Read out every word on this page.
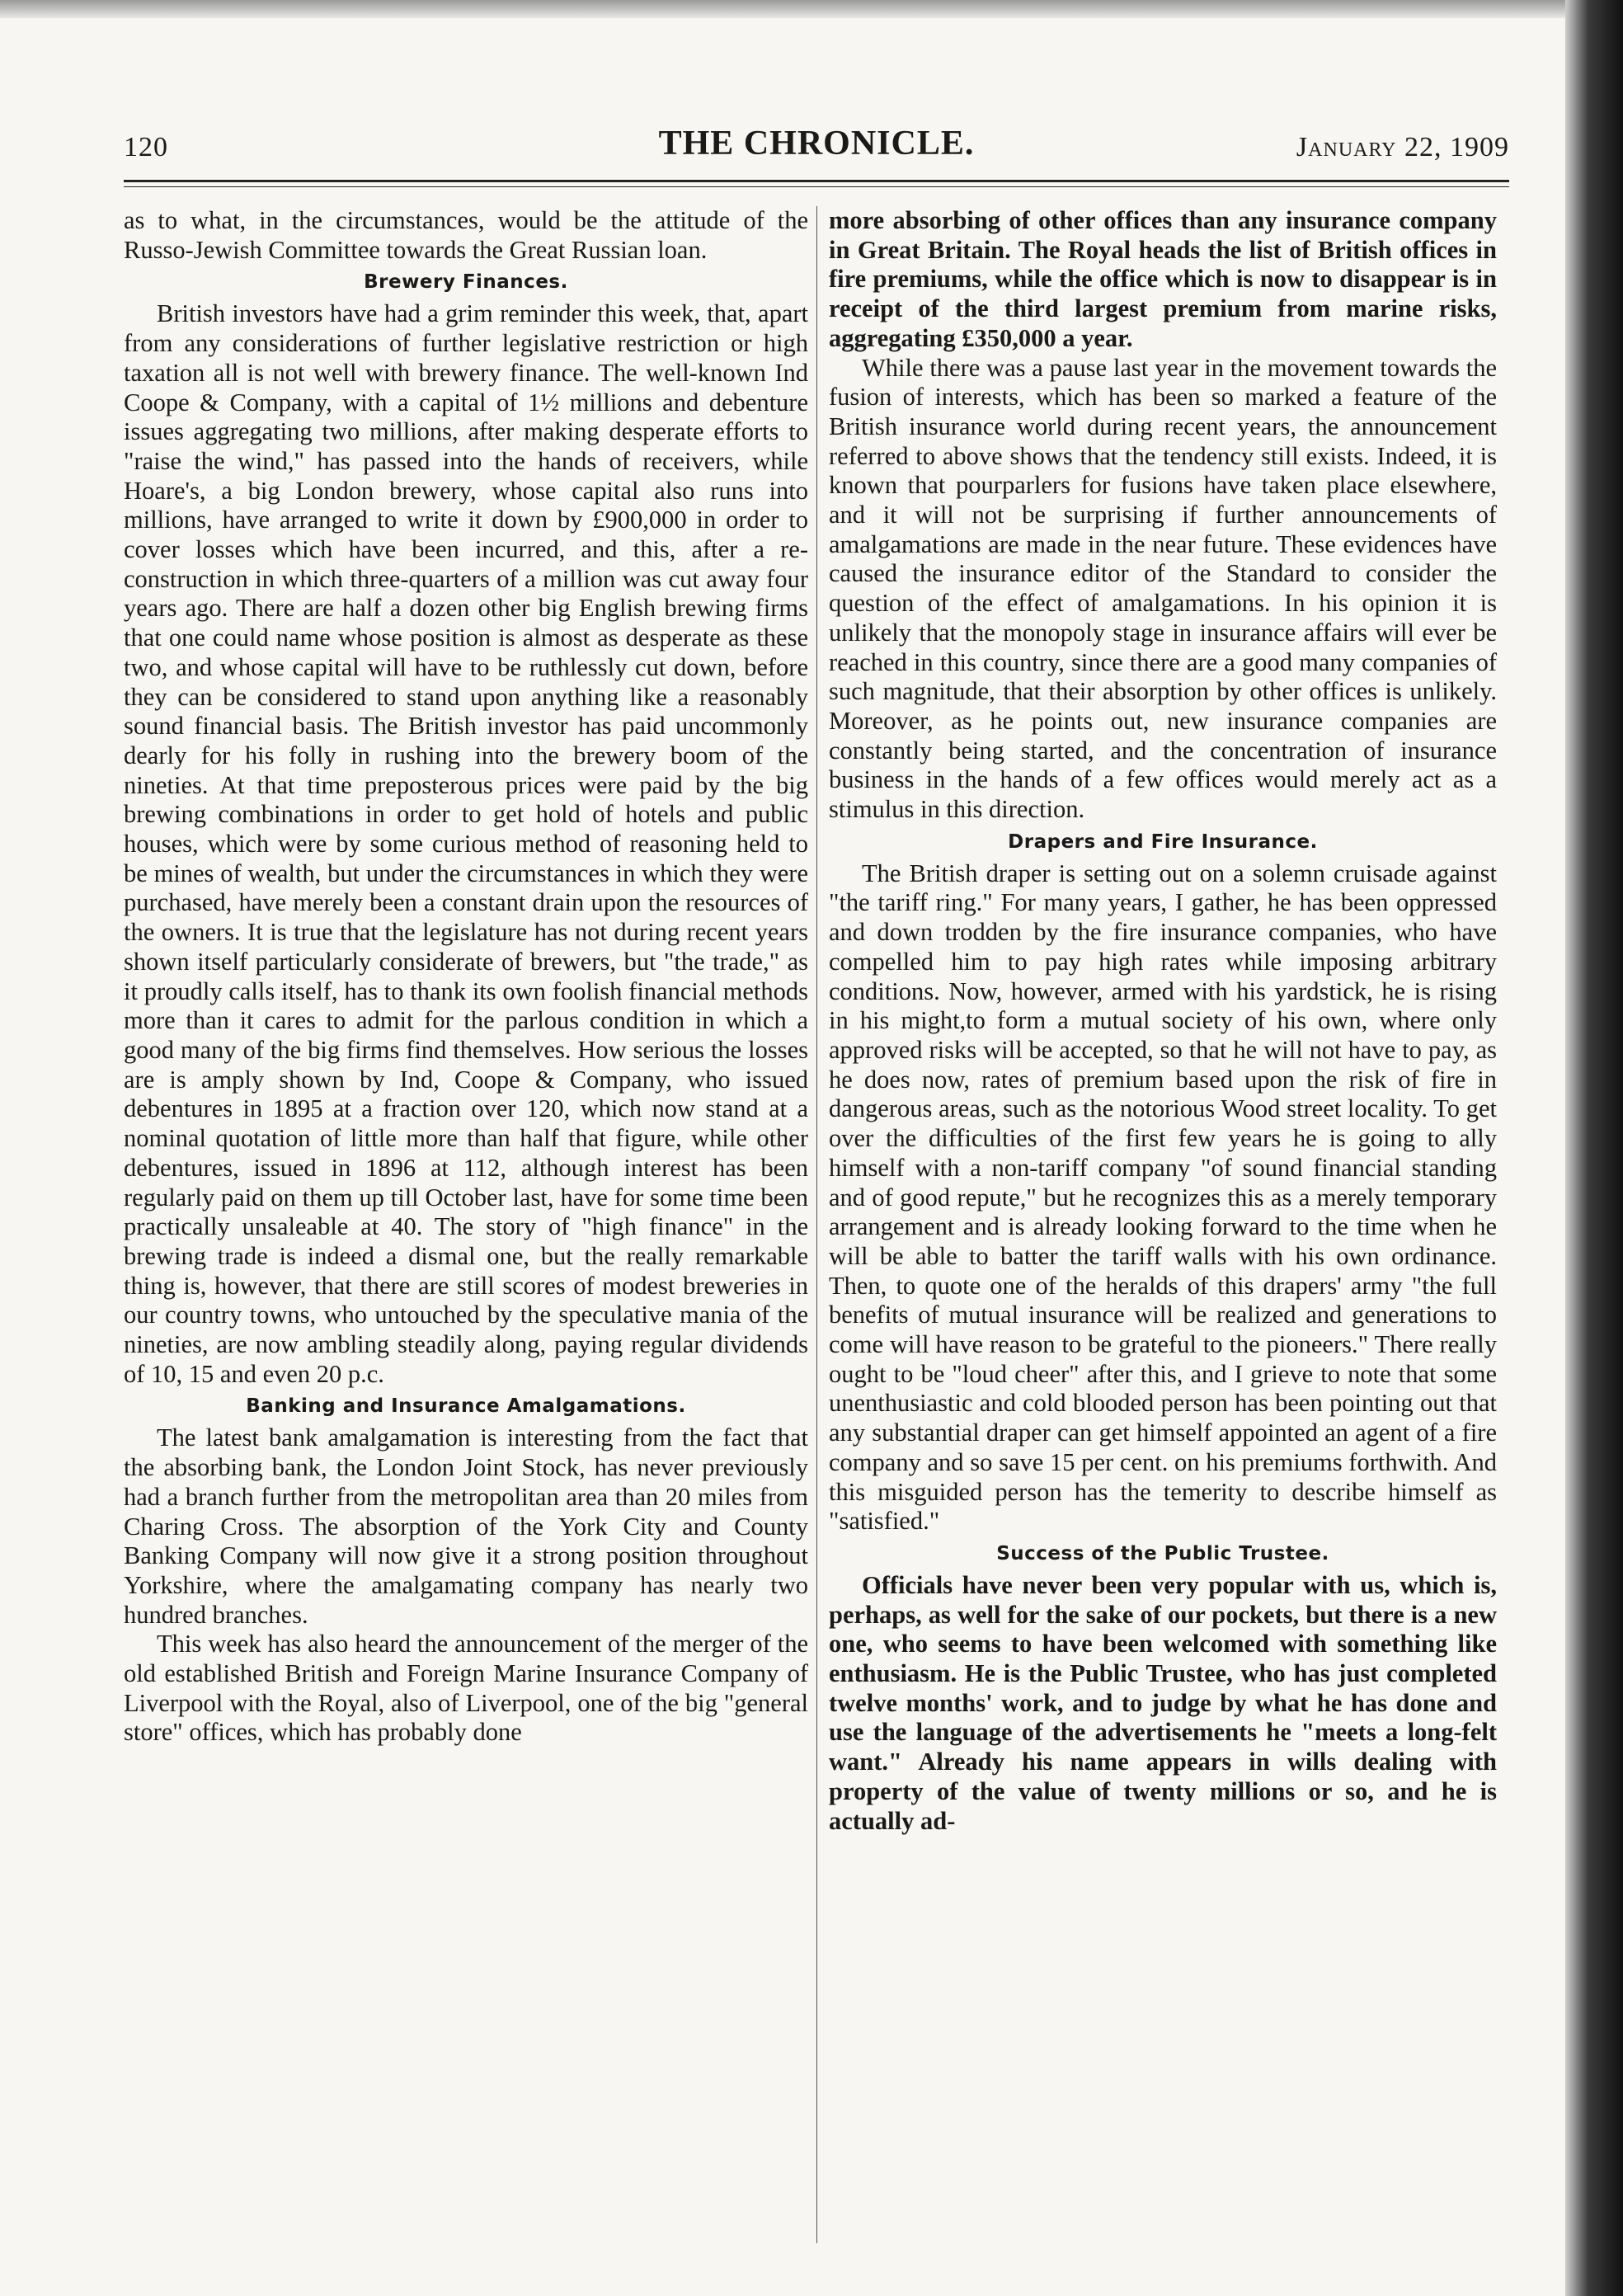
120	THE CHRONICLE.	January 22, 1909

as to what, in the circumstances, would be the attitude of the Russo-Jewish Committee towards the Great Russian loan.

Brewery Finances.

British investors have had a grim reminder this week, that, apart from any considerations of further legislative restriction or high taxation all is not well with brewery finance. The well-known Ind Coope & Company, with a capital of 1½ millions and debenture issues aggregating two millions, after making desperate efforts to "raise the wind," has passed into the hands of receivers, while Hoare's, a big London brewery, whose capital also runs into millions, have arranged to write it down by £900,000 in order to cover losses which have been incurred, and this, after a re-construction in which three-quarters of a million was cut away four years ago. There are half a dozen other big English brewing firms that one could name whose position is almost as desperate as these two, and whose capital will have to be ruthlessly cut down, before they can be considered to stand upon anything like a reasonably sound financial basis. The British investor has paid uncommonly dearly for his folly in rushing into the brewery boom of the nineties. At that time preposterous prices were paid by the big brewing combinations in order to get hold of hotels and public houses, which were by some curious method of reasoning held to be mines of wealth, but under the circumstances in which they were purchased, have merely been a constant drain upon the resources of the owners. It is true that the legislature has not during recent years shown itself particularly considerate of brewers, but "the trade," as it proudly calls itself, has to thank its own foolish financial methods more than it cares to admit for the parlous condition in which a good many of the big firms find themselves. How serious the losses are is amply shown by Ind, Coope & Company, who issued debentures in 1895 at a fraction over 120, which now stand at a nominal quotation of little more than half that figure, while other debentures, issued in 1896 at 112, although interest has been regularly paid on them up till October last, have for some time been practically unsaleable at 40. The story of "high finance" in the brewing trade is indeed a dismal one, but the really remarkable thing is, however, that there are still scores of modest breweries in our country towns, who untouched by the speculative mania of the nineties, are now ambling steadily along, paying regular dividends of 10, 15 and even 20 p.c.

Banking and Insurance Amalgamations.

The latest bank amalgamation is interesting from the fact that the absorbing bank, the London Joint Stock, has never previously had a branch further from the metropolitan area than 20 miles from Charing Cross. The absorption of the York City and County Banking Company will now give it a strong position throughout Yorkshire, where the amalgamating company has nearly two hundred branches.

This week has also heard the announcement of the merger of the old established British and Foreign Marine Insurance Company of Liverpool with the Royal, also of Liverpool, one of the big "general store" offices, which has probably done

more absorbing of other offices than any insurance company in Great Britain. The Royal heads the list of British offices in fire premiums, while the office which is now to disappear is in receipt of the third largest premium from marine risks, aggregating £350,000 a year.

While there was a pause last year in the movement towards the fusion of interests, which has been so marked a feature of the British insurance world during recent years, the announcement referred to above shows that the tendency still exists. Indeed, it is known that pourparlers for fusions have taken place elsewhere, and it will not be surprising if further announcements of amalgamations are made in the near future. These evidences have caused the insurance editor of the Standard to consider the question of the effect of amalgamations. In his opinion it is unlikely that the monopoly stage in insurance affairs will ever be reached in this country, since there are a good many companies of such magnitude, that their absorption by other offices is unlikely. Moreover, as he points out, new insurance companies are constantly being started, and the concentration of insurance business in the hands of a few offices would merely act as a stimulus in this direction.

Drapers and Fire Insurance.

The British draper is setting out on a solemn cruisade against "the tariff ring." For many years, I gather, he has been oppressed and down trodden by the fire insurance companies, who have compelled him to pay high rates while imposing arbitrary conditions. Now, however, armed with his yardstick, he is rising in his might,to form a mutual society of his own, where only approved risks will be accepted, so that he will not have to pay, as he does now, rates of premium based upon the risk of fire in dangerous areas, such as the notorious Wood street locality. To get over the difficulties of the first few years he is going to ally himself with a non-tariff company "of sound financial standing and of good repute," but he recognizes this as a merely temporary arrangement and is already looking forward to the time when he will be able to batter the tariff walls with his own ordinance. Then, to quote one of the heralds of this drapers' army "the full benefits of mutual insurance will be realized and generations to come will have reason to be grateful to the pioneers." There really ought to be "loud cheer" after this, and I grieve to note that some unenthusiastic and cold blooded person has been pointing out that any substantial draper can get himself appointed an agent of a fire company and so save 15 per cent. on his premiums forthwith. And this misguided person has the temerity to describe himself as "satisfied."

Success of the Public Trustee.

Officials have never been very popular with us, which is, perhaps, as well for the sake of our pockets, but there is a new one, who seems to have been welcomed with something like enthusiasm. He is the Public Trustee, who has just completed twelve months' work, and to judge by what he has done and use the language of the advertisements he "meets a long-felt want." Already his name appears in wills dealing with property of the value of twenty millions or so, and he is actually ad-
